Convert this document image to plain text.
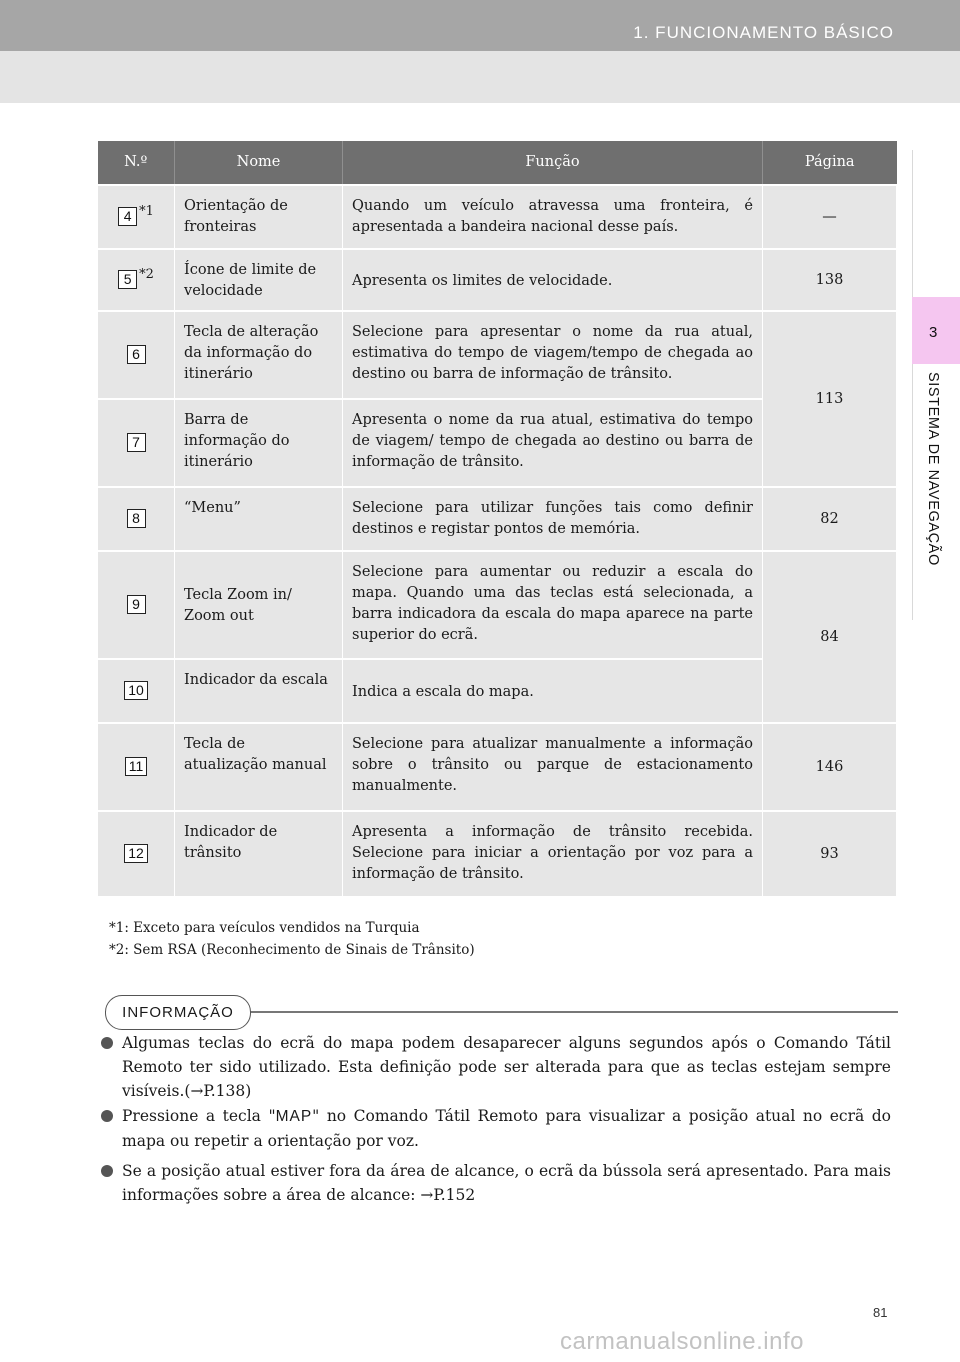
1. FUNCIONAMENTO BÁSICO
3
SISTEMA DE NAVEGAÇÃO
N.º	Nome	Função	Página
4 *1	Orientação de fronteiras	Quando um veículo atravessa uma fronteira, é apresentada a bandeira nacional desse país.	—
5 *2	Ícone de limite de velocidade	Apresenta os limites de velocidade.	138
6	Tecla de alteração da informação do itinerário	Selecione para apresentar o nome da rua atual, estimativa do tempo de viagem/tempo de chegada ao destino ou barra de informação de trânsito.	113
7	Barra de informação do itinerário	Apresenta o nome da rua atual, estimativa do tempo de viagem/ tempo de chegada ao destino ou barra de informação de trânsito.	
8	“Menu”	Selecione para utilizar funções tais como definir destinos e registar pontos de memória.	82
9	Tecla Zoom in/ Zoom out	Selecione para aumentar ou reduzir a escala do mapa. Quando uma das teclas está selecionada, a barra indicadora da escala do mapa aparece na parte superior do ecrã.	84
10	Indicador da escala	Indica a escala do mapa.	
11	Tecla de atualização manual	Selecione para atualizar manualmente a informação sobre o trânsito ou parque de estacionamento manualmente.	146
12	Indicador de trânsito	Apresenta a informação de trânsito recebida. Selecione para iniciar a orientação por voz para a informação de trânsito.	93
*1: Exceto para veículos vendidos na Turquia
*2: Sem RSA (Reconhecimento de Sinais de Trânsito)
INFORMAÇÃO
Algumas teclas do ecrã do mapa podem desaparecer alguns segundos após o Comando Tátil Remoto ter sido utilizado. Esta definição pode ser alterada para que as teclas estejam sempre visíveis.(→P.138)
Pressione a tecla "MAP" no Comando Tátil Remoto para visualizar a posição atual no ecrã do mapa ou repetir a orientação por voz.
Se a posição atual estiver fora da área de alcance, o ecrã da bússola será apresentado. Para mais informações sobre a área de alcance: →P.152
81
carmanualsonline.info
